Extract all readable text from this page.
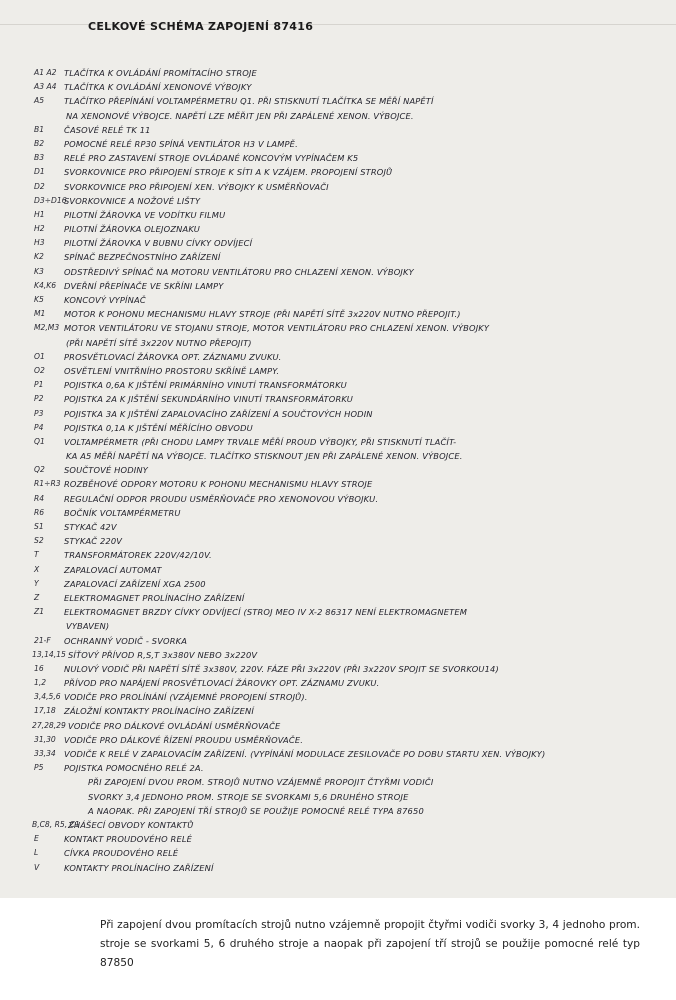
CELKOVÉ SCHÉMA ZAPOJENÍ 87416
A1 A2 TLAČÍTKA K OVLÁDÁNÍ PROMÍTACÍHO STROJE
A3 A4 TLAČÍTKA K OVLÁDÁNÍ XENONOVÉ VÝBOJKY
A5	TLAČÍTKO PŘEPÍNÁNÍ VOLTAMPÉRMETRU Q1. PŘI STISKNUTÍ TLAČÍTKA SE MĚŘÍ NAPĚTÍ
NA XENONOVÉ VÝBOJCE. NAPĚTÍ LZE MĚŘIT JEN PŘI ZAPÁLENÉ XENON. VÝBOJCE.
B1	ČASOVÉ RELÉ TK 11
B2	POMOCNÉ RELÉ RP30 SPÍNÁ VENTILÁTOR H3 V LAMPĚ.
B3	RELÉ PRO ZASTAVENÍ STROJE OVLÁDANÉ KONCOVÝM VYPÍNAČEM K5
D1	SVORKOVNICE PRO PŘIPOJENÍ STROJE K SÍTI A K VZÁJEM. PROPOJENÍ STROJŮ
D2	SVORKOVNICE PRO PŘIPOJENÍ XEN. VÝBOJKY K USMĚRŇOVAČI
D3÷D16
SVORKOVNICE A NOŽOVÉ LIŠTY
H1	PILOTNÍ ŽÁROVKA VE VODÍTKU FILMU
H2	PILOTNÍ ŽÁROVKA OLEJOZNAKU
H3	PILOTNÍ ŽÁROVKA V BUBNU CÍVKY ODVÍJECÍ
K2	SPÍNAČ BEZPEČNOSTNÍHO ZAŘÍZENÍ
K3	ODSTŘEDIVÝ SPÍNAČ NA MOTORU VENTILÁTORU PRO CHLAZENÍ XENON. VÝBOJKY
K4,K6 DVEŘNÍ PŘEPÍNAČE VE SKŘÍNI LAMPY
K5	KONCOVÝ VYPÍNAČ
M1	MOTOR K POHONU MECHANISMU HLAVY STROJE (PŘI NAPĚTÍ SÍTĚ 3x220V NUTNO PŘEPOJIT.)
M2,M3 MOTOR VENTILÁTORU VE STOJANU STROJE, MOTOR VENTILÁTORU PRO CHLAZENÍ XENON. VÝBOJKY
(PŘI NAPĚTÍ SÍTĚ 3x220V NUTNO PŘEPOJIT)
O1	PROSVĚTLOVACÍ ŽÁROVKA OPT. ZÁZNAMU ZVUKU.
O2	OSVĚTLENÍ VNITŘNÍHO PROSTORU SKŘÍNĚ LAMPY.
P1	POJISTKA 0,6A K JIŠTĚNÍ PRIMÁRNÍHO VINUTÍ TRANSFORMÁTORKU
P2	POJISTKA 2A K JIŠTĚNÍ SEKUNDÁRNÍHO VINUTÍ TRANSFORMÁTORKU
P3	POJISTKA 3A K JIŠTĚNÍ ZAPALOVACÍHO ZAŘÍZENÍ A SOUČTOVÝCH HODIN
P4	POJISTKA 0,1A K JIŠTĚNÍ MĚŘÍCÍHO OBVODU
Q1	VOLTAMPÉRMETR (PŘI CHODU LAMPY TRVALE MĚŘÍ PROUD VÝBOJKY, PŘI STISKNUTÍ TLAČÍT-
KA A5 MĚŘÍ NAPĚTÍ NA VÝBOJCE. TLAČÍTKO STISKNOUT JEN PŘI ZAPÁLENÉ XENON. VÝBOJCE.
Q2	SOUČTOVÉ HODINY
R1÷R3 ROZBĚHOVÉ ODPORY MOTORU K POHONU MECHANISMU HLAVY STROJE
R4	REGULAČNÍ ODPOR PROUDU USMĚRŇOVAČE PRO XENONOVOU VÝBOJKU.
R6	BOČNÍK VOLTAMPÉRMETRU
S1	STYKAČ 42V
S2	STYKAČ 220V
T	TRANSFORMÁTOREK 220V/42/10V.
X	ZAPALOVACÍ AUTOMAT
Y	ZAPALOVACÍ ZAŘÍZENÍ XGA 2500
Z	ELEKTROMAGNET PROLÍNACÍHO ZAŘÍZENÍ
Z1	ELEKTROMAGNET BRZDY CÍVKY ODVÍJECÍ (STROJ MEO IV X-2 86317 NENÍ ELEKTROMAGNETEM
VYBAVEN)
21-F	OCHRANNÝ VODIČ - SVORKA
13,14,15 SÍŤOVÝ PŘÍVOD R,S,T 3x380V NEBO 3x220V
16	NULOVÝ VODIČ PŘI NAPĚTÍ SÍTĚ 3x380V, 220V. FÁZE PŘI 3x220V (PŘI 3x220V SPOJIT SE SVORKOU14)
1,2	PŘÍVOD PRO NAPÁJENÍ PROSVĚTLOVACÍ ŽÁROVKY OPT. ZÁZNAMU ZVUKU.
3,4,5,6 VODIČE PRO PROLÍNÁNÍ (VZÁJEMNÉ PROPOJENÍ STROJŮ).
17,18 ZÁLOŽNÍ KONTAKTY PROLÍNACÍHO ZAŘÍZENÍ
27,28,29 VODIČE PRO DÁLKOVÉ OVLÁDÁNÍ USMĚRŇOVAČE
31,30 VODIČE PRO DÁLKOVÉ ŘÍZENÍ PROUDU USMĚRŇOVAČE.
33,34 VODIČE K RELÉ V ZAPALOVACÍM ZAŘÍZENÍ. (VYPÍNÁNÍ MODULACE ZESILOVAČE PO DOBU STARTU XEN. VÝBOJKY)
P5	POJISTKA POMOCNÉHO RELÉ 2A.
PŘI ZAPOJENÍ DVOU PROM. STROJŮ NUTNO VZÁJEMNĚ PROPOJIT ČTYŘMI VODIČI
SVORKY 3,4 JEDNOHO PROM. STROJE SE SVORKAMI 5,6 DRUHÉHO STROJE
A NAOPAK. PŘI ZAPOJENÍ TŘÍ STROJŮ SE POUŽIJE POMOCNÉ RELÉ TYPA 87650
B,C8, R5, C1
ZHÁŠECÍ OBVODY KONTAKTŮ
E	KONTAKT PROUDOVÉHO RELÉ
L	CÍVKA PROUDOVÉHO RELÉ
V	KONTAKTY PROLÍNACÍHO ZAŘÍZENÍ
Při zapojení dvou promítacích strojů nutno vzájemně propojit čtyřmi vodiči svorky 3, 4 jednoho prom. stroje se svorkami 5, 6 druhého stroje a naopak při zapojení tří strojů se použije pomocné relé typ 87850
